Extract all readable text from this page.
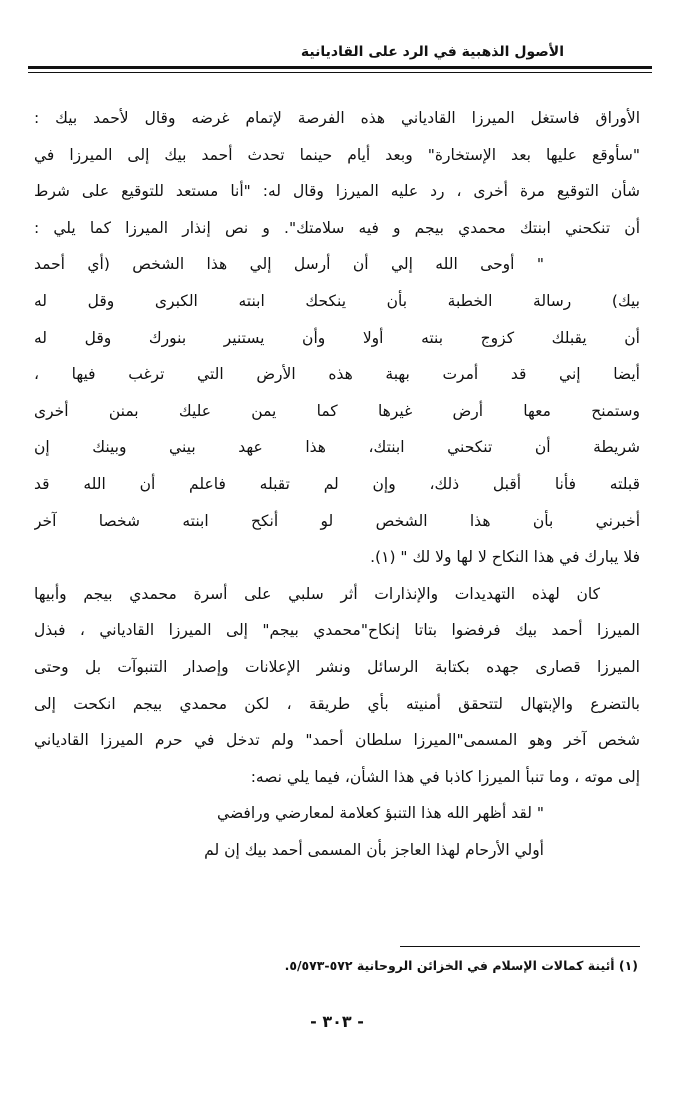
الأصول الذهبية في الرد على القاديانية
الأوراق فاستغل الميرزا القادياني هذه الفرصة لإتمام غرضه وقال لأحمد بيك :
"سأوقع عليها بعد الإستخارة" وبعد أيام حينما تحدث أحمد بيك إلى الميرزا في
شأن التوقيع مرة أخرى ، رد عليه الميرزا وقال له: "أنا مستعد للتوقيع على شرط
أن تنكحني ابنتك محمدي بيجم و فيه سلامتك". و نص إنذار الميرزا كما يلي :
" أوحى الله إلي أن أرسل إلي هذا الشخص (أي أحمد
بيك) رسالة الخطبة بأن ينكحك ابنته الكبرى وقل له
أن يقبلك كزوج بنته أولا وأن يستنير بنورك وقل له
أيضا إني قد أمرت بهبة هذه الأرض التي ترغب فيها ،
وستمنح معها أرض غيرها كما يمن عليك بمنن أخرى
شريطة أن تنكحني ابنتك، هذا عهد بيني وبينك إن
قبلته فأنا أقبل ذلك، وإن لم تقبله فاعلم أن الله قد
أخبرني بأن هذا الشخص لو أنكح ابنته شخصا آخر
فلا يبارك في هذا النكاح لا لها ولا لك " (١).
كان لهذه التهديدات والإنذارات أثر سلبي على أسرة محمدي بيجم وأبيها
الميرزا أحمد بيك فرفضوا بتاتا إنكاح"محمدي بيجم" إلى الميرزا القادياني ، فبذل
الميرزا قصارى جهده بكتابة الرسائل ونشر الإعلانات وإصدار التنبوآت بل وحتى
بالتضرع والإبتهال لتتحقق أمنيته بأي طريقة ، لكن محمدي بيجم انكحت إلى
شخص آخر وهو المسمى"الميرزا سلطان أحمد" ولم تدخل في حرم الميرزا القادياني
إلى موته ، وما تنبأ الميرزا كاذبا في هذا الشأن، فيما يلي نصه:
" لقد أظهر الله هذا التنبؤ كعلامة لمعارضي ورافضي
أولي الأرحام لهذا العاجز بأن المسمى أحمد بيك إن لم
(١) أئينة كمالات الإسلام في الخزائن الروحانية ٥٧٢-٥/٥٧٣.
- ٣٠٣ -
